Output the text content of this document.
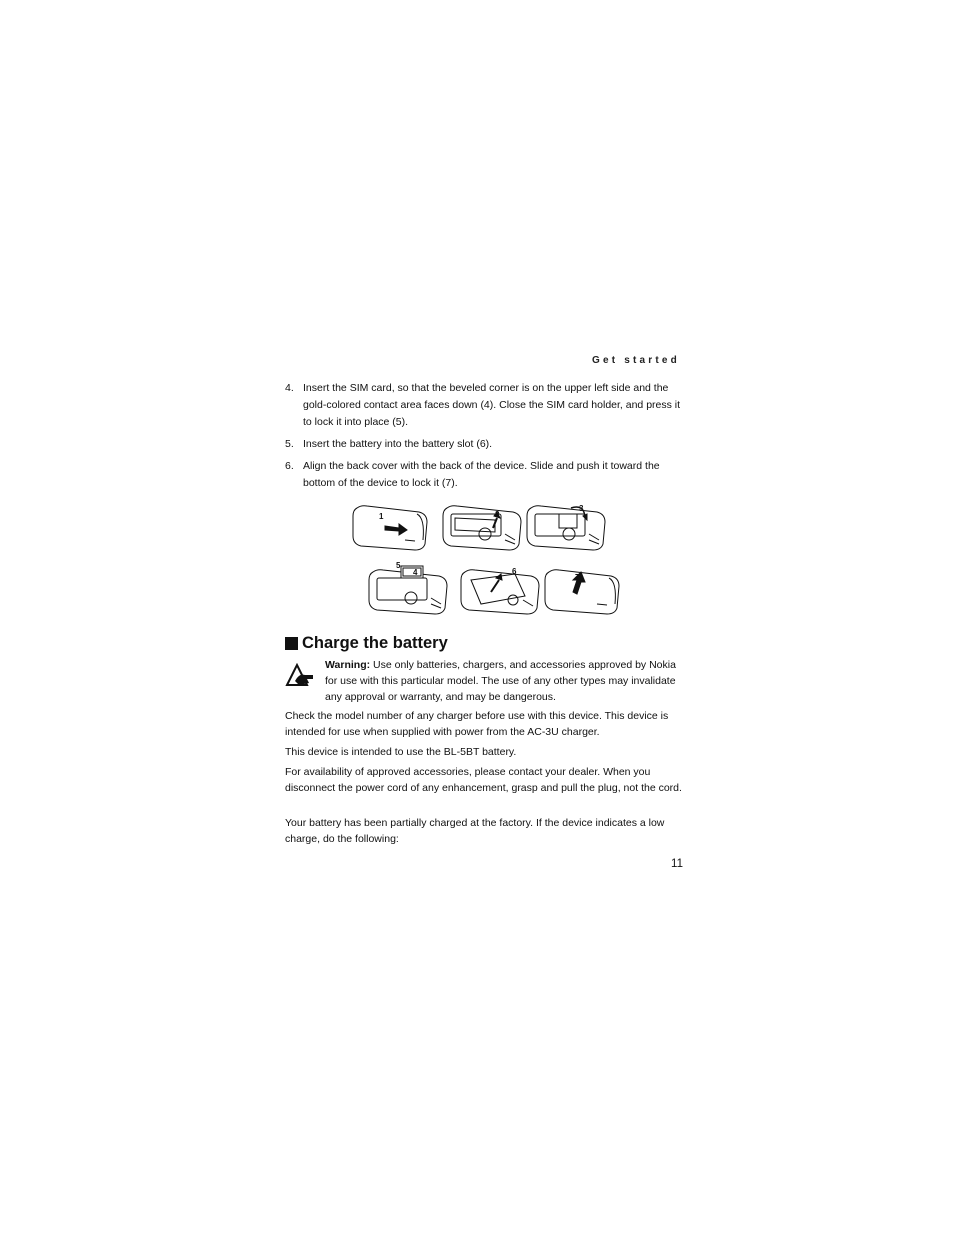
Get started
4. Insert the SIM card, so that the beveled corner is on the upper left side and the gold-colored contact area faces down (4). Close the SIM card holder, and press it to lock it into place (5).
5. Insert the battery into the battery slot (6).
6. Align the back cover with the back of the device. Slide and push it toward the bottom of the device to lock it (7).
1	2
3
4
5
6
7
Charge the battery
Warning: Use only batteries, chargers, and accessories approved by Nokia for use with this particular model. The use of any other types may invalidate any approval or warranty, and may be dangerous.

Check the model number of any charger before use with this device. This device is intended for use when supplied with power from the AC-3U charger.

This device is intended to use the BL-5BT battery.

For availability of approved accessories, please contact your dealer. When you disconnect the power cord of any enhancement, grasp and pull the plug, not the cord.

Your battery has been partially charged at the factory. If the device indicates a low charge, do the following:

11
